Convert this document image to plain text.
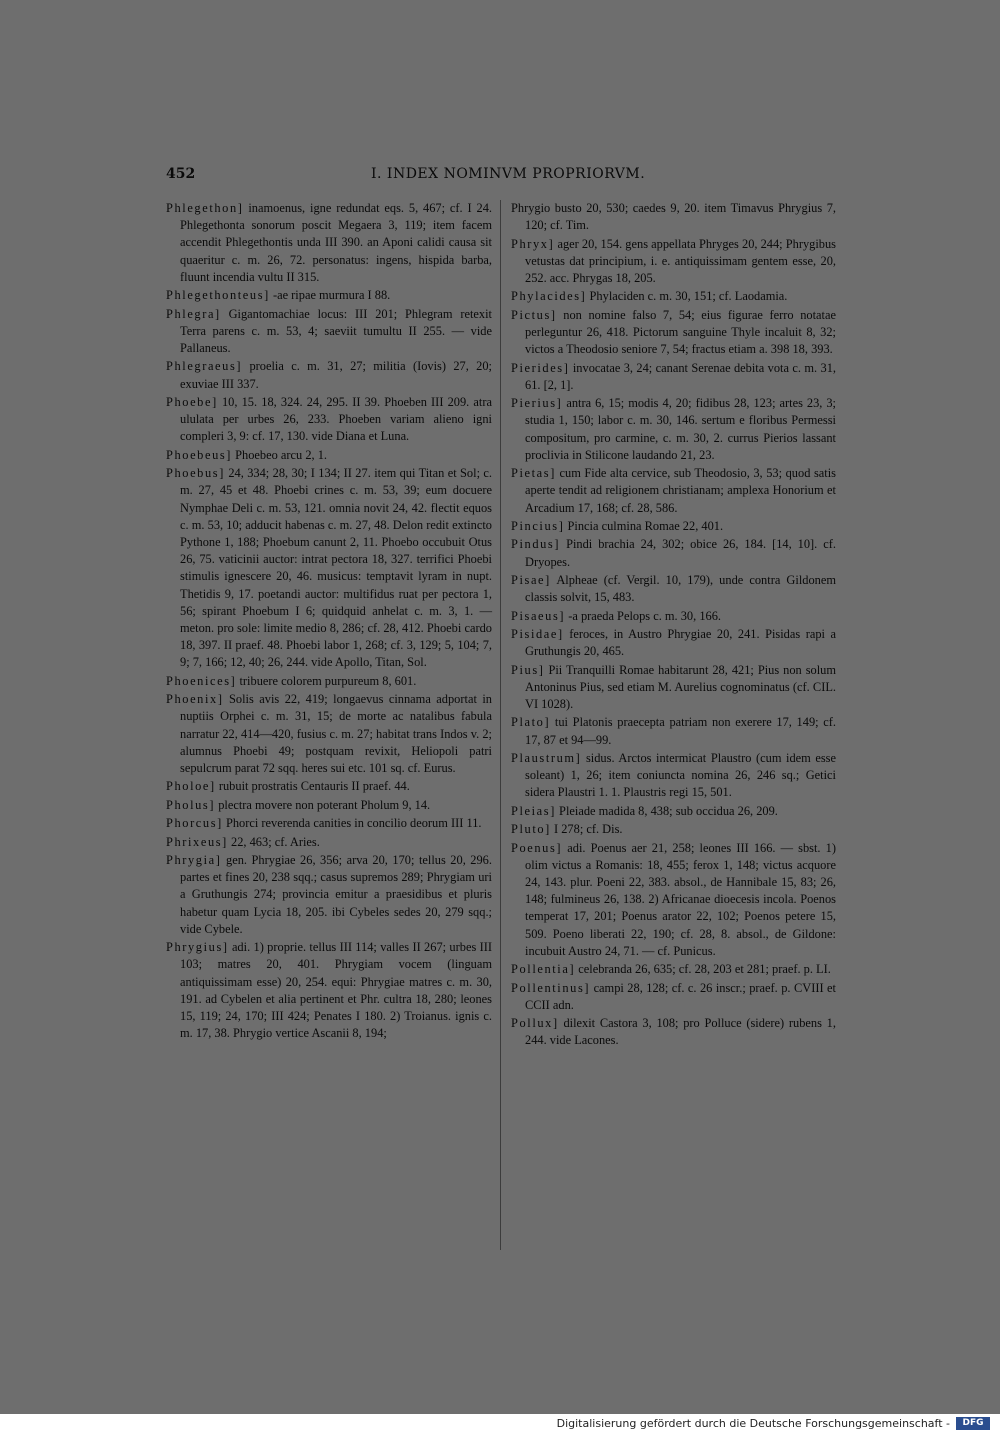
452	I. INDEX NOMINVM PROPRIORVM.

Phlegethon] inamoenus, igne redundat eqs. 5, 467; cf. I 24. Phlegethonta sonorum poscit Megaera 3, 119; item facem accendit Phlegethontis unda III 390. an Aponi calidi causa sit quaeritur c. m. 26, 72. personatus: ingens, hispida barba, fluunt incendia vultu II 315.

Phlegethonteus] -ae ripae murmura I 88.

Phlegra] Gigantomachiae locus: III 201; Phlegram retexit Terra parens c. m. 53, 4; saeviit tumultu II 255. — vide Pallaneus.

Phlegraeus] proelia c. m. 31, 27; militia (Iovis) 27, 20; exuviae III 337.

Phoebe] 10, 15. 18, 324. 24, 295. II 39. Phoeben III 209. atra ululata per urbes 26, 233. Phoeben variam alieno igni compleri 3, 9: cf. 17, 130. vide Diana et Luna.

Phoebeus] Phoebeo arcu 2, 1.

Phoebus] 24, 334; 28, 30; I 134; II 27. item qui Titan et Sol; c. m. 27, 45 et 48. Phoebi crines c. m. 53, 39; eum docuere Nymphae Deli c. m. 53, 121. omnia novit 24, 42. flectit equos c. m. 53, 10; adducit habenas c. m. 27, 48. Delon redit extincto Pythone 1, 188; Phoebum canunt 2, 11. Phoebo occubuit Otus 26, 75. vaticinii auctor: intrat pectora 18, 327. terrifici Phoebi stimulis ignescere 20, 46. musicus: temptavit lyram in nupt. Thetidis 9, 17. poetandi auctor: multifidus ruat per pectora 1, 56; spirant Phoebum I 6; quidquid anhelat c. m. 3, 1. — meton. pro sole: limite medio 8, 286; cf. 28, 412. Phoebi cardo 18, 397. II praef. 48. Phoebi labor 1, 268; cf. 3, 129; 5, 104; 7, 9; 7, 166; 12, 40; 26, 244. vide Apollo, Titan, Sol.

Phoenices] tribuere colorem purpureum 8, 601.

Phoenix] Solis avis 22, 419; longaevus cinnama adportat in nuptiis Orphei c. m. 31, 15; de morte ac natalibus fabula narratur 22, 414—420, fusius c. m. 27; habitat trans Indos v. 2; alumnus Phoebi 49; postquam revixit, Heliopoli patri sepulcrum parat 72 sqq. heres sui etc. 101 sq. cf. Eurus.

Pholoe] rubuit prostratis Centauris II praef. 44.

Pholus] plectra movere non poterant Pholum 9, 14.

Phorcus] Phorci reverenda canities in concilio deorum III 11.

Phrixeus] 22, 463; cf. Aries.

Phrygia] gen. Phrygiae 26, 356; arva 20, 170; tellus 20, 296. partes et fines 20, 238 sqq.; casus supremos 289; Phrygiam uri a Gruthungis 274; provincia emitur a praesidibus et pluris habetur quam Lycia 18, 205. ibi Cybeles sedes 20, 279 sqq.; vide Cybele.

Phrygius] adi. 1) proprie. tellus III 114; valles II 267; urbes III 103; matres 20, 401. Phrygiam vocem (linguam antiquissimam esse) 20, 254. equi: Phrygiae matres c. m. 30, 191. ad Cybelen et alia pertinent et Phr. cultra 18, 280; leones 15, 119; 24, 170; III 424; Penates I 180. 2) Troianus. ignis c. m. 17, 38. Phrygio vertice Ascanii 8, 194;

Phrygio busto 20, 530; caedes 9, 20. item Timavus Phrygius 7, 120; cf. Tim.

Phryx] ager 20, 154. gens appellata Phryges 20, 244; Phrygibus vetustas dat principium, i. e. antiquissimam gentem esse, 20, 252. acc. Phrygas 18, 205.

Phylacides] Phylaciden c. m. 30, 151; cf. Laodamia.

Pictus] non nomine falso 7, 54; eius figurae ferro notatae perleguntur 26, 418. Pictorum sanguine Thyle incaluit 8, 32; victos a Theodosio seniore 7, 54; fractus etiam a. 398 18, 393.

Pierides] invocatae 3, 24; canant Serenae debita vota c. m. 31, 61. [2, 1].

Pierius] antra 6, 15; modis 4, 20; fidibus 28, 123; artes 23, 3; studia 1, 150; labor c. m. 30, 146. sertum e floribus Permessi compositum, pro carmine, c. m. 30, 2. currus Pierios lassant proclivia in Stilicone laudando 21, 23.

Pietas] cum Fide alta cervice, sub Theodosio, 3, 53; quod satis aperte tendit ad religionem christianam; amplexa Honorium et Arcadium 17, 168; cf. 28, 586.

Pincius] Pincia culmina Romae 22, 401.

Pindus] Pindi brachia 24, 302; obice 26, 184. [14, 10]. cf. Dryopes.

Pisae] Alpheae (cf. Vergil. 10, 179), unde contra Gildonem classis solvit, 15, 483.

Pisaeus] -a praeda Pelops c. m. 30, 166.

Pisidae] feroces, in Austro Phrygiae 20, 241. Pisidas rapi a Gruthungis 20, 465.

Pius] Pii Tranquilli Romae habitarunt 28, 421; Pius non solum Antoninus Pius, sed etiam M. Aurelius cognominatus (cf. CIL. VI 1028).

Plato] tui Platonis praecepta patriam non exerere 17, 149; cf. 17, 87 et 94—99.

Plaustrum] sidus. Arctos intermicat Plaustro (cum idem esse soleant) 1, 26; item coniuncta nomina 26, 246 sq.; Getici sidera Plaustri 1. 1. Plaustris regi 15, 501.

Pleias] Pleiade madida 8, 438; sub occidua 26, 209.

Pluto] I 278; cf. Dis.

Poenus] adi. Poenus aer 21, 258; leones III 166. — sbst. 1) olim victus a Romanis: 18, 455; ferox 1, 148; victus acquore 24, 143. plur. Poeni 22, 383. absol., de Hannibale 15, 83; 26, 148; fulmineus 26, 138. 2) Africanae dioecesis incola. Poenos temperat 17, 201; Poenus arator 22, 102; Poenos petere 15, 509. Poeno liberati 22, 190; cf. 28, 8. absol., de Gildone: incubuit Austro 24, 71. — cf. Punicus.

Pollentia] celebranda 26, 635; cf. 28, 203 et 281; praef. p. LI.

Pollentinus] campi 28, 128; cf. c. 26 inscr.; praef. p. CVIII et CCII adn.

Pollux] dilexit Castora 3, 108; pro Polluce (sidere) rubens 1, 244. vide Lacones.

Digitalisierung gefördert durch die Deutsche Forschungsgemeinschaft -	DFG
